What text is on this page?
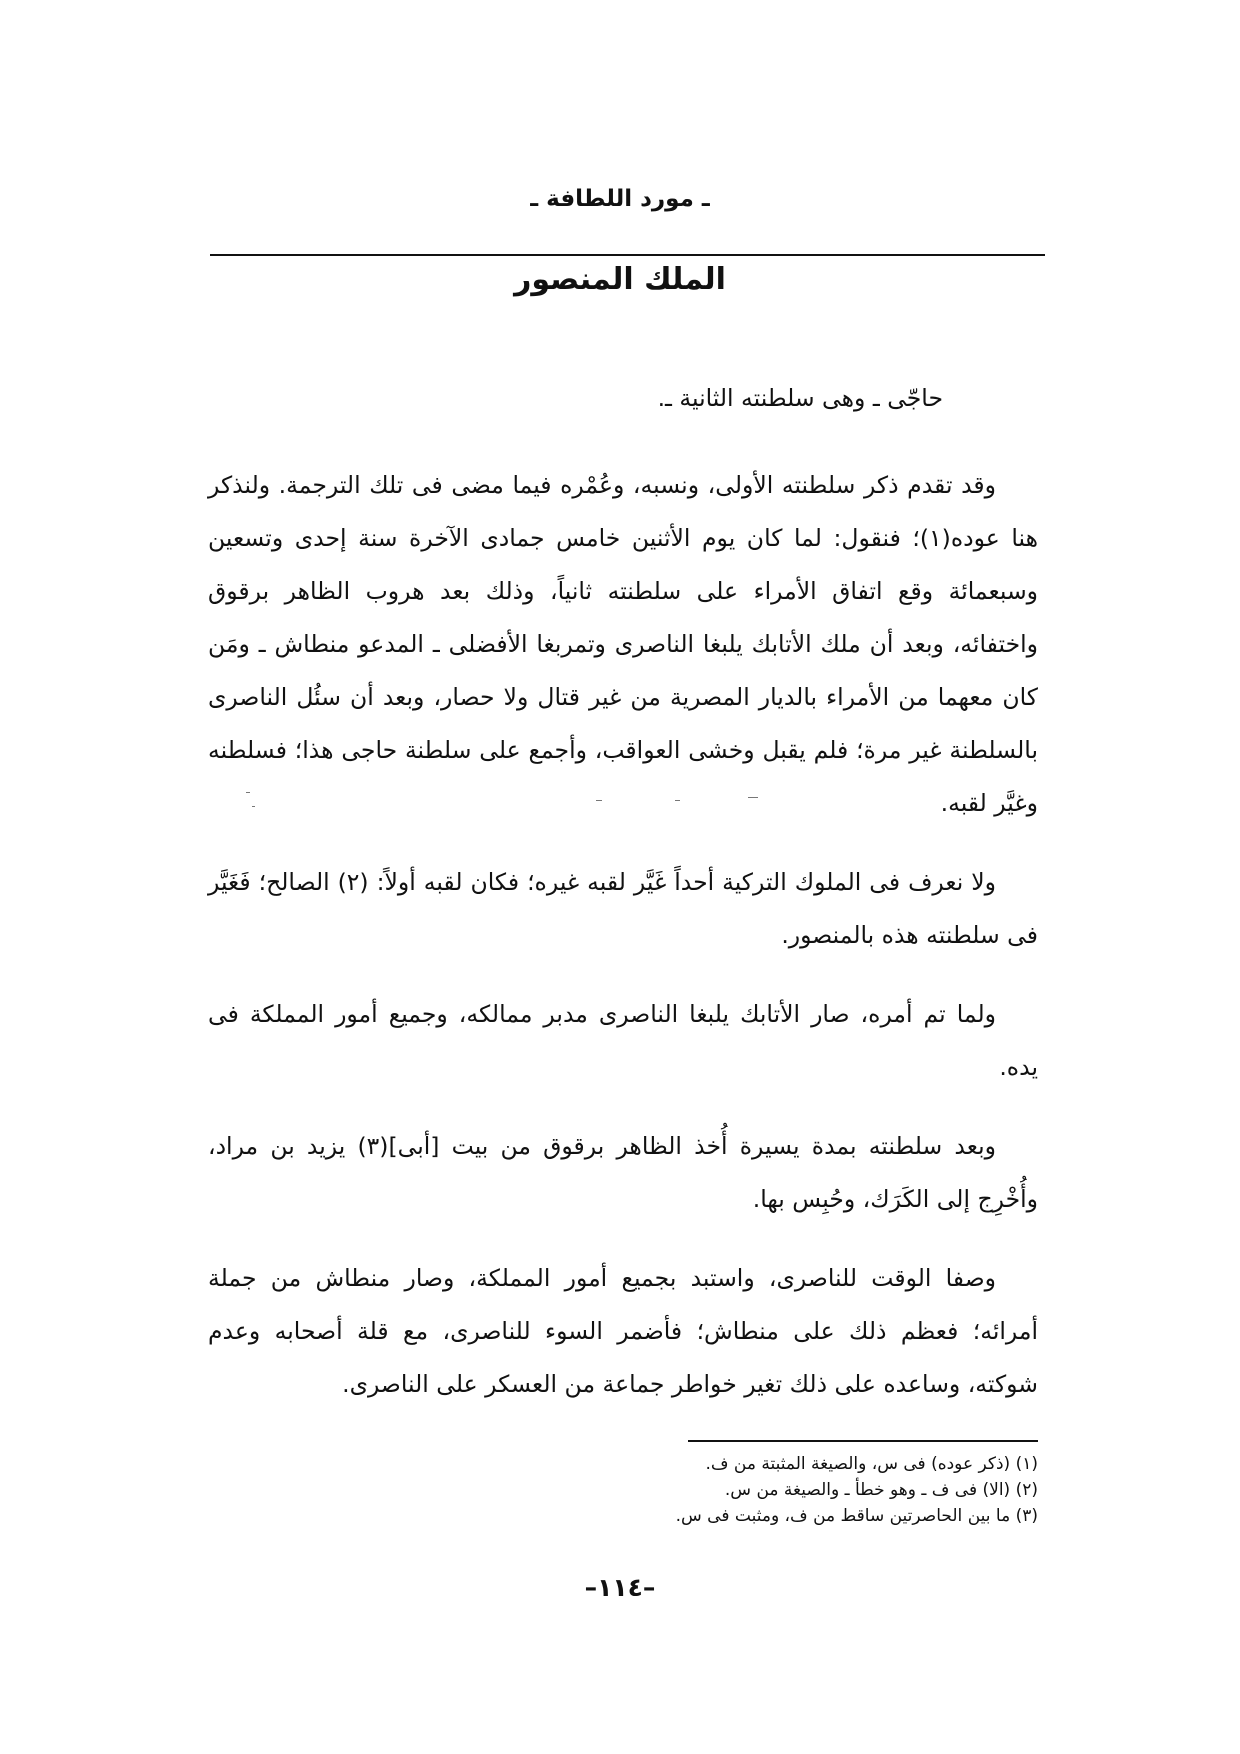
ـ مورد اللطافة ـ
الملك المنصور

حاجّى ـ وهى سلطنته الثانية ـ.

وقد تقدم ذكر سلطنته الأولى، ونسبه، وعُمْره فيما مضى فى تلك الترجمة. ولنذكر هنا عوده(١)؛ فنقول: لما كان يوم الأثنين خامس جمادى الآخرة سنة إحدى وتسعين وسبعمائة وقع اتفاق الأمراء على سلطنته ثانياً، وذلك بعد هروب الظاهر برقوق واختفائه، وبعد أن ملك الأتابك يلبغا الناصرى وتمربغا الأفضلى ـ المدعو منطاش ـ ومَن كان معهما من الأمراء بالديار المصرية من غير قتال ولا حصار، وبعد أن سئُل الناصرى بالسلطنة غير مرة؛ فلم يقبل وخشى العواقب، وأجمع على سلطنة حاجى هذا؛ فسلطنه وغيَّر لقبه.

ولا نعرف فى الملوك التركية أحداً غَيَّر لقبه غيره؛ فكان لقبه أولاً: (٢) الصالح؛ فَغَيَّر فى سلطنته هذه بالمنصور.

ولما تم أمره، صار الأتابك يلبغا الناصرى مدبر ممالكه، وجميع أمور المملكة فى يده.

وبعد سلطنته بمدة يسيرة أُخذ الظاهر برقوق من بيت [أبى](٣) يزيد بن مراد، وأُخْرِج إلى الكَرَك، وحُبِس بها.

وصفا الوقت للناصرى، واستبد بجميع أمور المملكة، وصار منطاش من جملة أمرائه؛ فعظم ذلك على منطاش؛ فأضمر السوء للناصرى، مع قلة أصحابه وعدم شوكته، وساعده على ذلك تغير خواطر جماعة من العسكر على الناصرى.

(١) (ذكر عوده) فى س، والصيغة المثبتة من ف.

(٢) (الا) فى ف ـ وهو خطأ ـ والصيغة من س.

(٣) ما بين الحاصرتين ساقط من ف، ومثبت فى س.

–١١٤–
